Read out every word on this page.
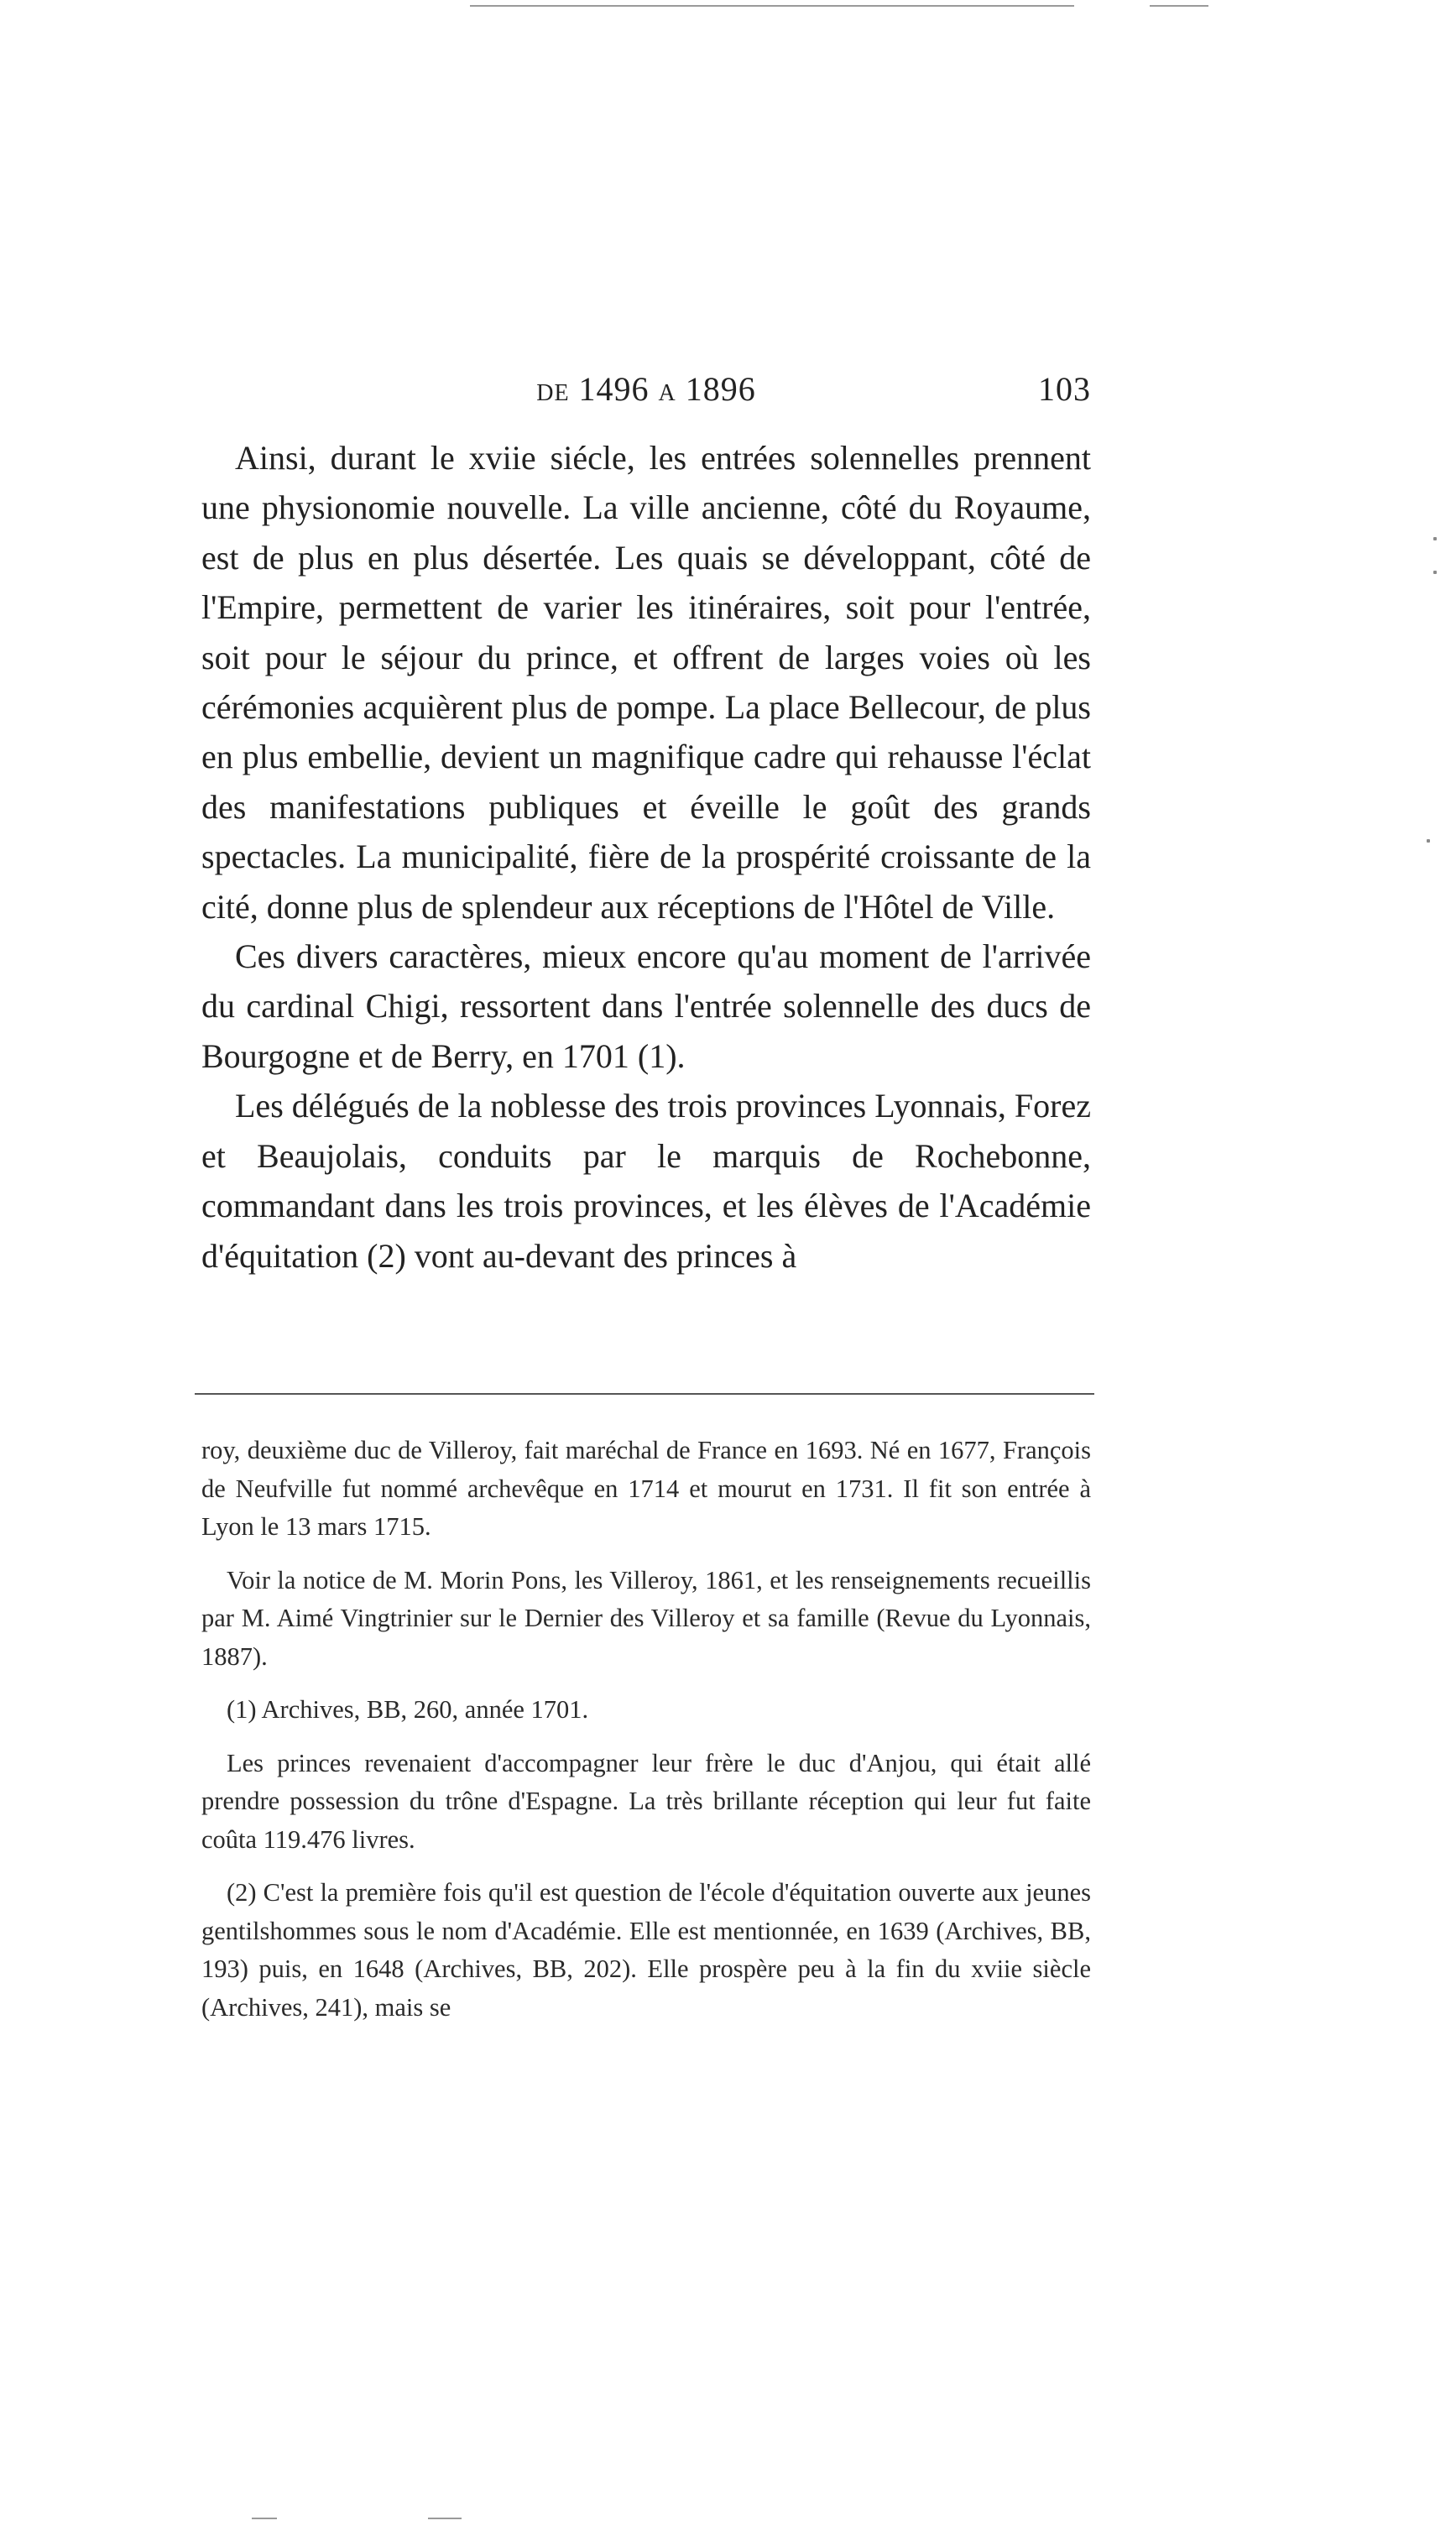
de 1496 a 1896	103

Ainsi, durant le xviie siécle, les entrées solennelles prennent une physionomie nouvelle. La ville ancienne, côté du Royaume, est de plus en plus désertée. Les quais se développant, côté de l'Empire, permettent de varier les itinéraires, soit pour l'entrée, soit pour le séjour du prince, et offrent de larges voies où les cérémonies acquièrent plus de pompe. La place Bellecour, de plus en plus embellie, devient un magnifique cadre qui rehausse l'éclat des manifestations publiques et éveille le goût des grands spectacles. La municipalité, fière de la prospérité croissante de la cité, donne plus de splendeur aux réceptions de l'Hôtel de Ville.

Ces divers caractères, mieux encore qu'au moment de l'arrivée du cardinal Chigi, ressortent dans l'entrée solennelle des ducs de Bourgogne et de Berry, en 1701 (1).

Les délégués de la noblesse des trois provinces Lyonnais, Forez et Beaujolais, conduits par le marquis de Rochebonne, commandant dans les trois provinces, et les élèves de l'Académie d'équitation (2) vont au-devant des princes à

roy, deuxième duc de Villeroy, fait maréchal de France en 1693. Né en 1677, François de Neufville fut nommé archevêque en 1714 et mourut en 1731. Il fit son entrée à Lyon le 13 mars 1715.

Voir la notice de M. Morin Pons, les Villeroy, 1861, et les renseignements recueillis par M. Aimé Vingtrinier sur le Dernier des Villeroy et sa famille (Revue du Lyonnais, 1887).

(1) Archives, BB, 260, année 1701.

Les princes revenaient d'accompagner leur frère le duc d'Anjou, qui était allé prendre possession du trône d'Espagne. La très brillante réception qui leur fut faite coûta 119.476 livres.

(2) C'est la première fois qu'il est question de l'école d'équitation ouverte aux jeunes gentilshommes sous le nom d'Académie. Elle est mentionnée, en 1639 (Archives, BB, 193) puis, en 1648 (Archives, BB, 202). Elle prospère peu à la fin du xviie siècle (Archives, 241), mais se
